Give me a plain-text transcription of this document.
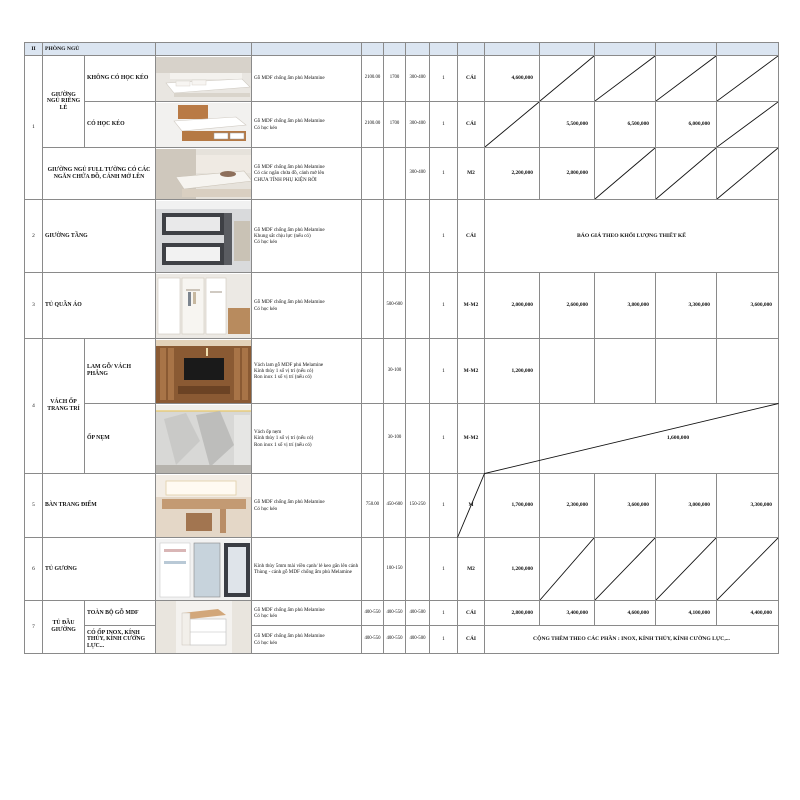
II	PHÒNG NGỦ													
1	GIƯỜNG NGỦ RIÊNG LẺ	KHÔNG CÓ HỌC KÉO		Gỗ MDF chống ẩm phủ Melamine	2100.00	1700	300-400	1	CÁI	4,600,000	

		CÓ HỌC KÉO		Gỗ MDF chống ẩm phủ Melamine
Có học kéo	2100.00	1700	300-400	1	CÁI		5,500,000	6,500,000	6,000,000	

	GIƯỜNG NGỦ FULL TƯỜNG CÓ CÁC NGĂN CHỨA ĐỒ, CÁNH MỞ LÊN			Gỗ MDF chống ẩm phủ Melamine
Có các ngăn chứa đồ, cánh mở lên
CHƯA TÍNH PHỤ KIỆN RỜI			300-400	1	M2	2,200,000	2,800,000	

2	GIƯỜNG TẦNG			Gỗ MDF chống ẩm phủ Melamine
Khung sắt chịu lực (nếu có)
Có học kéo				1	CÁI	BÁO GIÁ THEO KHỐI LƯỢNG THIẾT KẾ				
3	TỦ QUẦN ÁO			Gỗ MDF chống ẩm phủ Melamine
Có học kéo		500-600		1	M-M2	2,000,000	2,600,000	3,800,000	3,300,000	3,600,000
4	VÁCH ỐP TRANG TRÍ	LAM GỖ/ VÁCH PHẲNG		Vách lam gỗ MDF phủ Melamine
Kính thủy 1 số vị trí (nếu có)
Ron inox 1 số vị trí (nếu có)		30-100		1	M-M2	1,200,000				
		ỐP NẸM		Vách ốp nẹm
Kính thủy 1 số vị trí (nếu có)
Ron inox 1 số vị trí (nếu có)		30-100		1	M-M2		1,600,000			
5	BÀN TRANG ĐIỂM			Gỗ MDF chống ẩm phủ Melamine
Có học kéo	750.00	450-600	150-250	1	M	1,700,000	2,300,000	3,600,000	3,000,000	3,300,000
6	TỦ GƯƠNG			Kính thủy 5mm mài viền cạnh/ lẻ keo gắn lên cánh
Thùng - cánh gỗ MDF chống ẩm phủ Melamine		100-150		1	M2	1,200,000	

7	TỦ ĐẦU GIƯỜNG	TOÀN BỘ GỖ MDF		Gỗ MDF chống ẩm phủ Melamine
Có học kéo	400-550	400-550	400-500	1	CÁI	2,800,000	3,400,000	4,600,000	4,100,000	4,400,000
		CÓ ỐP INOX, KÍNH THỦY, KÍNH CƯỜNG LỰC...		Gỗ MDF chống ẩm phủ Melamine
Có học kéo	400-550	400-550	400-500	1	CÁI	CỘNG THÊM THEO CÁC PHẦN : INOX, KÍNH THỦY, KÍNH CƯỜNG LỰC,...				
